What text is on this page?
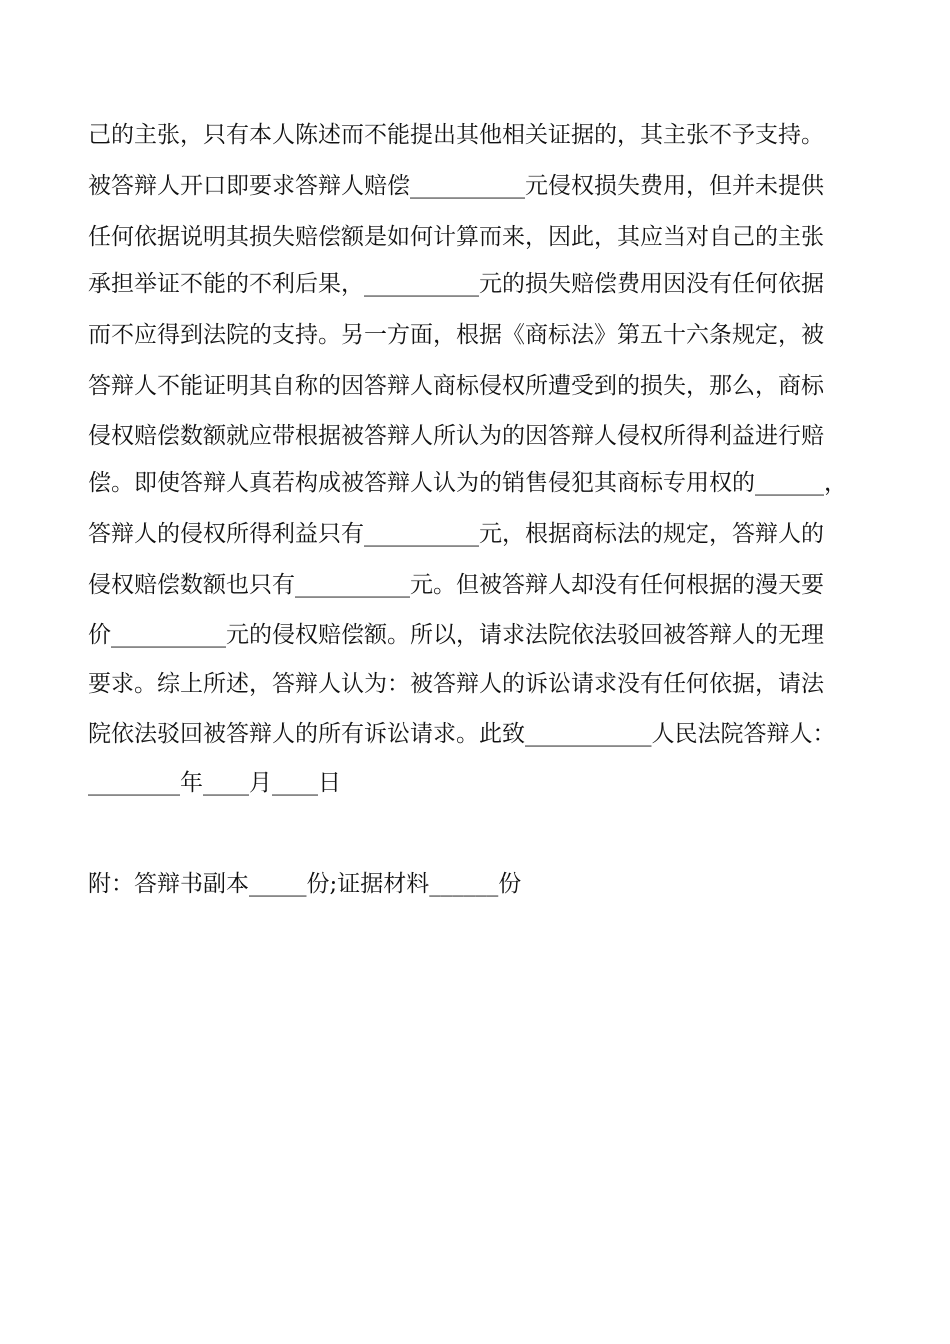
己的主张，只有本人陈述而不能提出其他相关证据的，其主张不予支持。
被答辩人开口即要求答辩人赔偿__________元侵权损失费用，但并未提供
任何依据说明其损失赔偿额是如何计算而来，因此，其应当对自己的主张
承担举证不能的不利后果，__________元的损失赔偿费用因没有任何依据
而不应得到法院的支持。另一方面，根据《商标法》第五十六条规定，被
答辩人不能证明其自称的因答辩人商标侵权所遭受到的损失，那么，商标
侵权赔偿数额就应带根据被答辩人所认为的因答辩人侵权所得利益进行赔
偿。即使答辩人真若构成被答辩人认为的销售侵犯其商标专用权的______，
答辩人的侵权所得利益只有__________元，根据商标法的规定，答辩人的
侵权赔偿数额也只有__________元。但被答辩人却没有任何根据的漫天要
价__________元的侵权赔偿额。所以，请求法院依法驳回被答辩人的无理
要求。综上所述，答辩人认为：被答辩人的诉讼请求没有任何依据，请法
院依法驳回被答辩人的所有诉讼请求。此致___________人民法院答辩人：
________年____月____日
附：答辩书副本_____份;证据材料______份
